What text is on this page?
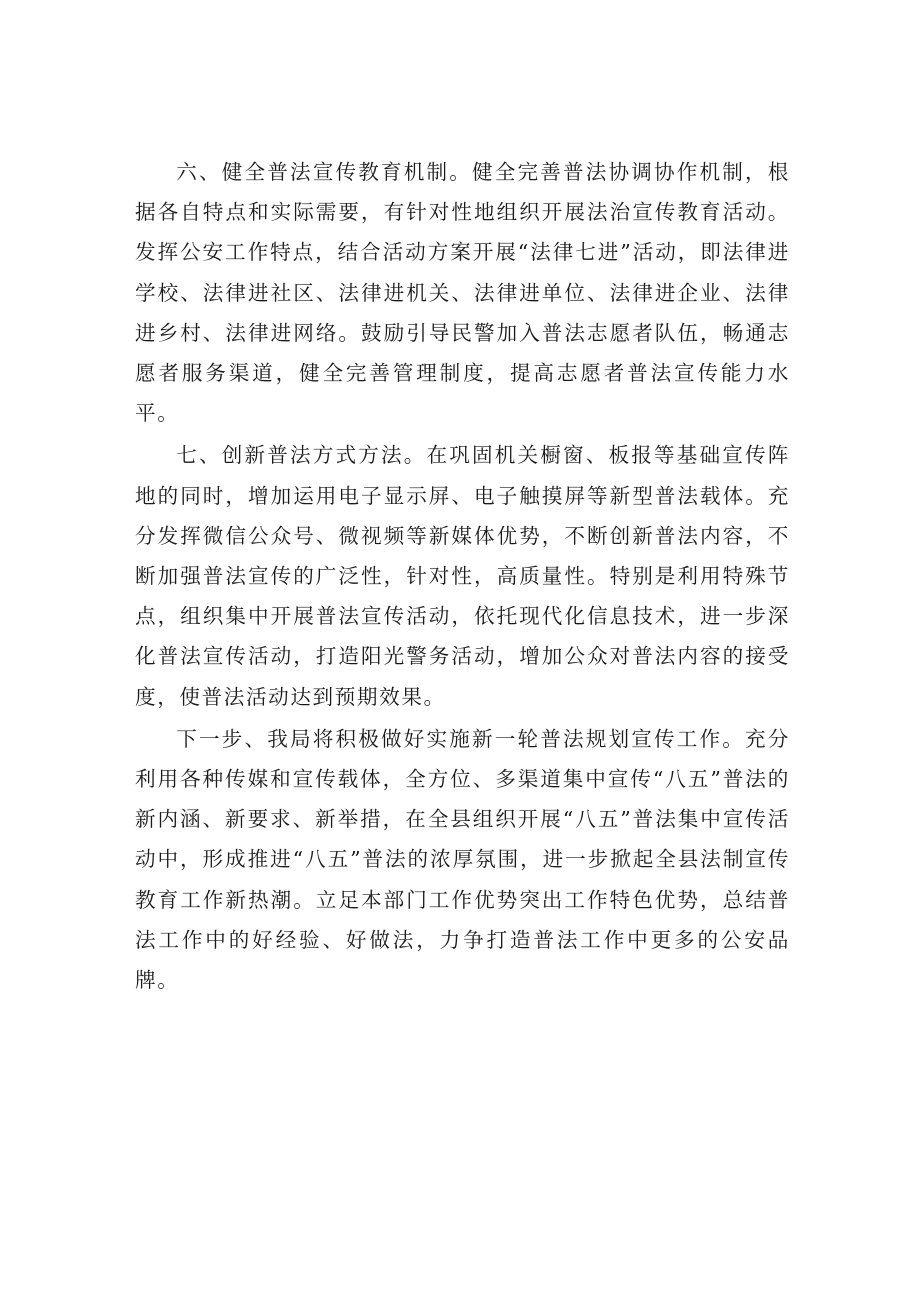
六、健全普法宣传教育机制。健全完善普法协调协作机制，根据各自特点和实际需要，有针对性地组织开展法治宣传教育活动。发挥公安工作特点，结合活动方案开展“法律七进”活动，即法律进学校、法律进社区、法律进机关、法律进单位、法律进企业、法律进乡村、法律进网络。鼓励引导民警加入普法志愿者队伍，畅通志愿者服务渠道，健全完善管理制度，提高志愿者普法宣传能力水平。

七、创新普法方式方法。在巩固机关橱窗、板报等基础宣传阵地的同时，增加运用电子显示屏、电子触摸屏等新型普法载体。充分发挥微信公众号、微视频等新媒体优势，不断创新普法内容，不断加强普法宣传的广泛性，针对性，高质量性。特别是利用特殊节点，组织集中开展普法宣传活动，依托现代化信息技术，进一步深化普法宣传活动，打造阳光警务活动，增加公众对普法内容的接受度，使普法活动达到预期效果。

下一步、我局将积极做好实施新一轮普法规划宣传工作。充分利用各种传媒和宣传载体，全方位、多渠道集中宣传“八五”普法的新内涵、新要求、新举措，在全县组织开展“八五”普法集中宣传活动中，形成推进“八五”普法的浓厚氛围，进一步掀起全县法制宣传教育工作新热潮。立足本部门工作优势突出工作特色优势，总结普法工作中的好经验、好做法，力争打造普法工作中更多的公安品牌。
